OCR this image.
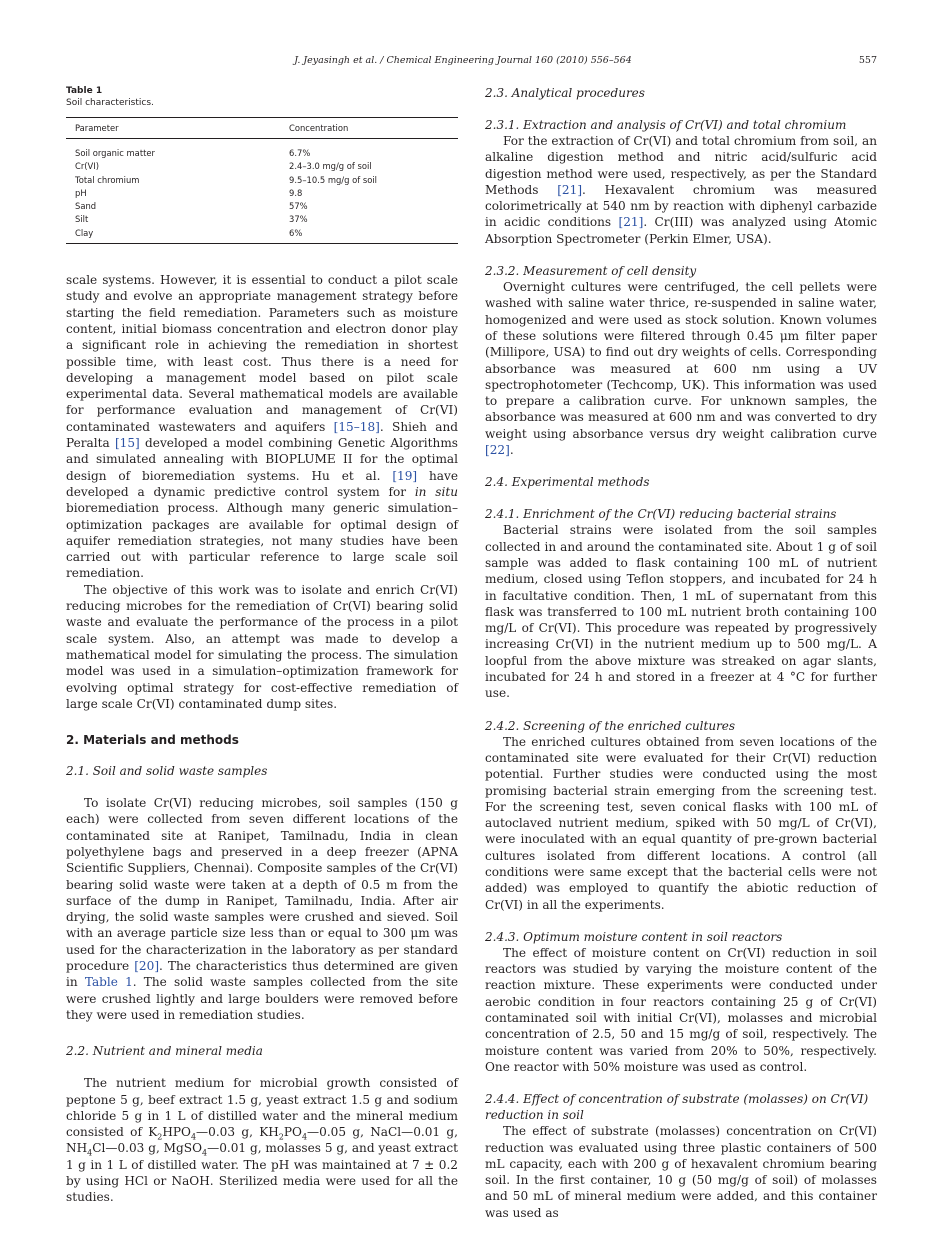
J. Jeyasingh et al. / Chemical Engineering Journal 160 (2010) 556–564	557
Table 1
Soil characteristics.
Parameter	Concentration
Soil organic matter	6.7%
Cr(VI)	2.4–3.0 mg/g of soil
Total chromium	9.5–10.5 mg/g of soil
pH	9.8
Sand	57%
Silt	37%
Clay	6%

scale systems. However, it is essential to conduct a pilot scale study and evolve an appropriate management strategy before starting the field remediation. Parameters such as moisture content, initial biomass concentration and electron donor play a significant role in achieving the remediation in shortest possible time, with least cost. Thus there is a need for developing a management model based on pilot scale experimental data. Several mathematical models are available for performance evaluation and management of Cr(VI) contaminated wastewaters and aquifers [15–18]. Shieh and Peralta [15] developed a model combining Genetic Algorithms and simulated annealing with BIOPLUME II for the optimal design of bioremediation systems. Hu et al. [19] have developed a dynamic predictive control system for in situ bioremediation process. Although many generic simulation–optimization packages are available for optimal design of aquifer remediation strategies, not many studies have been carried out with particular reference to large scale soil remediation.

The objective of this work was to isolate and enrich Cr(VI) reducing microbes for the remediation of Cr(VI) bearing solid waste and evaluate the performance of the process in a pilot scale system. Also, an attempt was made to develop a mathematical model for simulating the process. The simulation model was used in a simulation–optimization framework for evolving optimal strategy for cost-effective remediation of large scale Cr(VI) contaminated dump sites.

2. Materials and methods
2.1. Soil and solid waste samples

To isolate Cr(VI) reducing microbes, soil samples (150 g each) were collected from seven different locations of the contaminated site at Ranipet, Tamilnadu, India in clean polyethylene bags and preserved in a deep freezer (APNA Scientific Suppliers, Chennai). Composite samples of the Cr(VI) bearing solid waste were taken at a depth of 0.5 m from the surface of the dump in Ranipet, Tamilnadu, India. After air drying, the solid waste samples were crushed and sieved. Soil with an average particle size less than or equal to 300 μm was used for the characterization in the laboratory as per standard procedure [20]. The characteristics thus determined are given in Table 1. The solid waste samples collected from the site were crushed lightly and large boulders were removed before they were used in remediation studies.

2.2. Nutrient and mineral media

The nutrient medium for microbial growth consisted of peptone 5 g, beef extract 1.5 g, yeast extract 1.5 g and sodium chloride 5 g in 1 L of distilled water and the mineral medium consisted of $K_2HPO_4—0.03$ g, $KH_2PO_4—0.05$ g, NaCl—0.01 g, $NH_4Cl—0.03$ g, MgSO$_4$—0.01 g, molasses 5 g, and yeast extract 1 g in 1 L of distilled water. The pH was maintained at 7 ± 0.2 by using HCl or NaOH. Sterilized media were used for all the studies.

2.3. Analytical procedures
2.3.1. Extraction and analysis of Cr(VI) and total chromium

For the extraction of Cr(VI) and total chromium from soil, an alkaline digestion method and nitric acid/sulfuric acid digestion method were used, respectively, as per the Standard Methods [21]. Hexavalent chromium was measured colorimetrically at 540 nm by reaction with diphenyl carbazide in acidic conditions [21]. Cr(III) was analyzed using Atomic Absorption Spectrometer (Perkin Elmer, USA).

2.3.2. Measurement of cell density

Overnight cultures were centrifuged, the cell pellets were washed with saline water thrice, re-suspended in saline water, homogenized and were used as stock solution. Known volumes of these solutions were filtered through 0.45 μm filter paper (Millipore, USA) to find out dry weights of cells. Corresponding absorbance was measured at 600 nm using a UV spectrophotometer (Techcomp, UK). This information was used to prepare a calibration curve. For unknown samples, the absorbance was measured at 600 nm and was converted to dry weight using absorbance versus dry weight calibration curve [22].

2.4. Experimental methods
2.4.1. Enrichment of the Cr(VI) reducing bacterial strains

Bacterial strains were isolated from the soil samples collected in and around the contaminated site. About 1 g of soil sample was added to flask containing 100 mL of nutrient medium, closed using Teflon stoppers, and incubated for 24 h in facultative condition. Then, 1 mL of supernatant from this flask was transferred to 100 mL nutrient broth containing 100 mg/L of Cr(VI). This procedure was repeated by progressively increasing Cr(VI) in the nutrient medium up to 500 mg/L. A loopful from the above mixture was streaked on agar slants, incubated for 24 h and stored in a freezer at 4 °C for further use.

2.4.2. Screening of the enriched cultures

The enriched cultures obtained from seven locations of the contaminated site were evaluated for their Cr(VI) reduction potential. Further studies were conducted using the most promising bacterial strain emerging from the screening test. For the screening test, seven conical flasks with 100 mL of autoclaved nutrient medium, spiked with 50 mg/L of Cr(VI), were inoculated with an equal quantity of pre-grown bacterial cultures isolated from different locations. A control (all conditions were same except that the bacterial cells were not added) was employed to quantify the abiotic reduction of Cr(VI) in all the experiments.

2.4.3. Optimum moisture content in soil reactors

The effect of moisture content on Cr(VI) reduction in soil reactors was studied by varying the moisture content of the reaction mixture. These experiments were conducted under aerobic condition in four reactors containing 25 g of Cr(VI) contaminated soil with initial Cr(VI), molasses and microbial concentration of 2.5, 50 and 15 mg/g of soil, respectively. The moisture content was varied from 20% to 50%, respectively. One reactor with 50% moisture was used as control.

2.4.4. Effect of concentration of substrate (molasses) on Cr(VI) reduction in soil

The effect of substrate (molasses) concentration on Cr(VI) reduction was evaluated using three plastic containers of 500 mL capacity, each with 200 g of hexavalent chromium bearing soil. In the first container, 10 g (50 mg/g of soil) of molasses and 50 mL of mineral medium were added, and this container was used as
